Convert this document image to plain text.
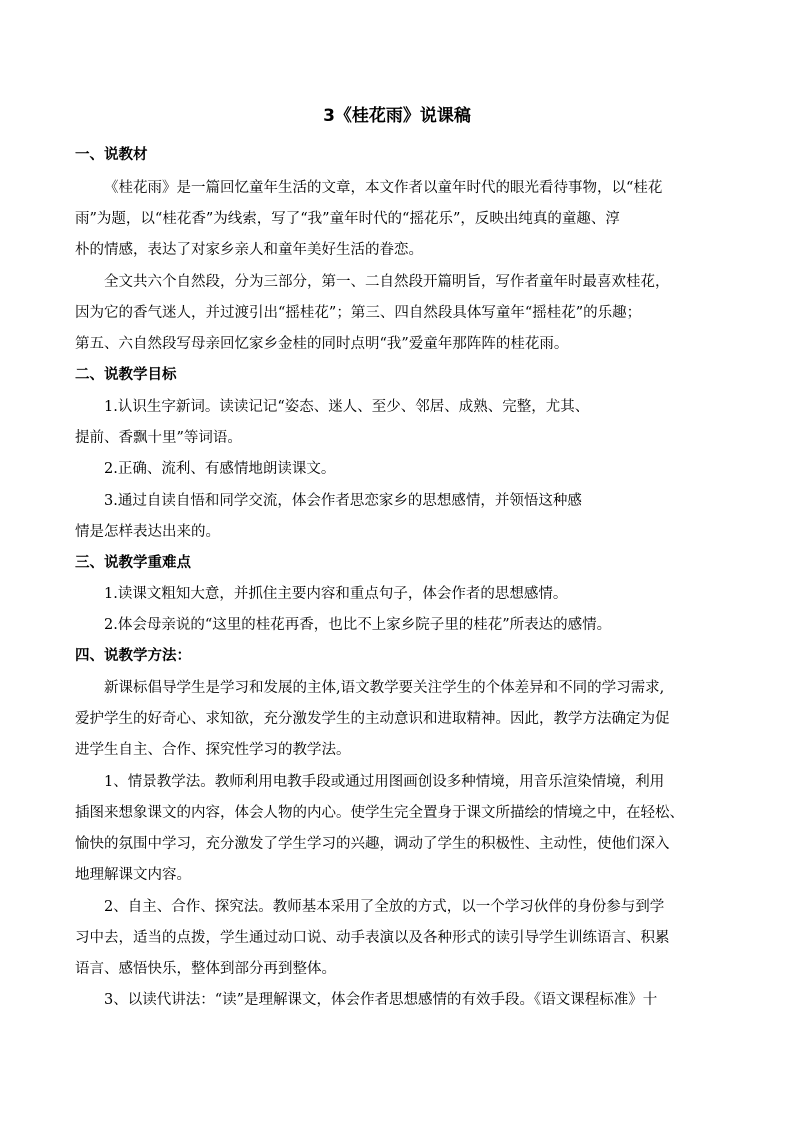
3《桂花雨》说课稿
一、说教材
《桂花雨》是一篇回忆童年生活的文章，本文作者以童年时代的眼光看待事物，以“桂花
雨”为题，以“桂花香”为线索，写了“我”童年时代的“摇花乐”，反映出纯真的童趣、淳
朴的情感，表达了对家乡亲人和童年美好生活的眷恋。
全文共六个自然段，分为三部分，第一、二自然段开篇明旨，写作者童年时最喜欢桂花，
因为它的香气迷人，并过渡引出“摇桂花”；第三、四自然段具体写童年“摇桂花”的乐趣；
第五、六自然段写母亲回忆家乡金桂的同时点明“我”爱童年那阵阵的桂花雨。
二、说教学目标
1.认识生字新词。读读记记“姿态、迷人、至少、邻居、成熟、完整，尤其、
提前、香飘十里”等词语。
2.正确、流利、有感情地朗读课文。
3.通过自读自悟和同学交流，体会作者思恋家乡的思想感情，并领悟这种感
情是怎样表达出来的。
三、说教学重难点
1.读课文粗知大意，并抓住主要内容和重点句子，体会作者的思想感情。
2.体会母亲说的“这里的桂花再香，也比不上家乡院子里的桂花”所表达的感情。
四、说教学方法：
新课标倡导学生是学习和发展的主体,语文教学要关注学生的个体差异和不同的学习需求,
爱护学生的好奇心、求知欲，充分激发学生的主动意识和进取精神。因此，教学方法确定为促
进学生自主、合作、探究性学习的教学法。
1、情景教学法。教师利用电教手段或通过用图画创设多种情境，用音乐渲染情境，利用
插图来想象课文的内容，体会人物的内心。使学生完全置身于课文所描绘的情境之中，在轻松、
愉快的氛围中学习，充分激发了学生学习的兴趣，调动了学生的积极性、主动性，使他们深入
地理解课文内容。
2、自主、合作、探究法。教师基本采用了全放的方式，以一个学习伙伴的身份参与到学
习中去，适当的点拨，学生通过动口说、动手表演以及各种形式的读引导学生训练语言、积累
语言、感悟快乐，整体到部分再到整体。
3、以读代讲法：“读”是理解课文，体会作者思想感情的有效手段。《语文课程标准》十
